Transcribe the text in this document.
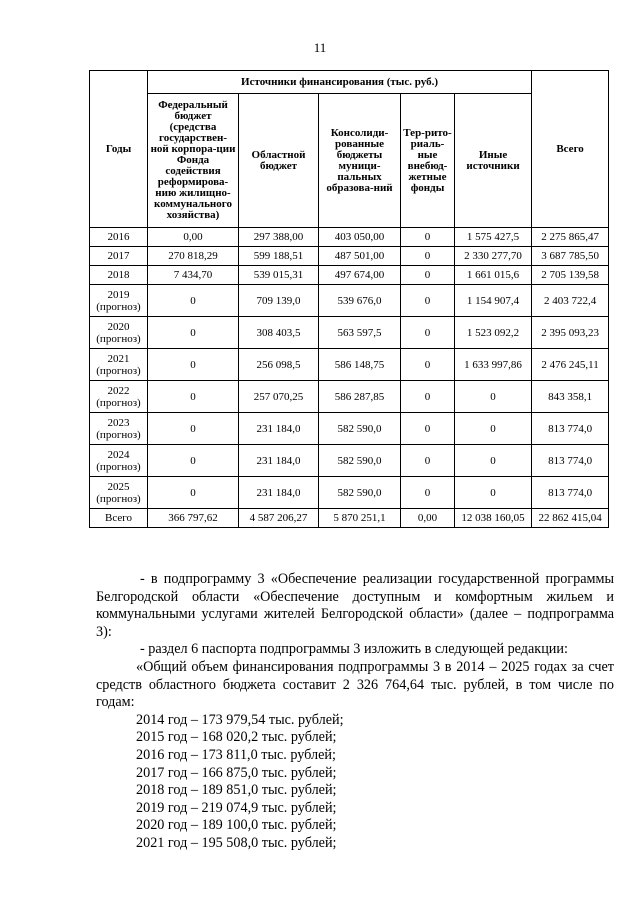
11
Годы	Источники финансирования (тыс. руб.)					Всего
	Федеральный бюджет (средства государствен-ной корпора-ции Фонда содействия реформирова-нию жилищно-коммунального хозяйства)	Областной бюджет	Консолиди-рованные бюджеты муници-пальных образова-ний	Тер-рито-риаль-ные внебюд-жетные фонды	Иные источники	
2016	0,00	297 388,00	403 050,00	0	1 575 427,5	2 275 865,47
2017	270 818,29	599 188,51	487 501,00	0	2 330 277,70	3 687 785,50
2018	7 434,70	539 015,31	497 674,00	0	1 661 015,6	2 705 139,58
2019 (прогноз)	0	709 139,0	539 676,0	0	1 154 907,4	2 403 722,4
2020 (прогноз)	0	308 403,5	563 597,5	0	1 523 092,2	2 395 093,23
2021 (прогноз)	0	256 098,5	586 148,75	0	1 633 997,86	2 476 245,11
2022 (прогноз)	0	257 070,25	586 287,85	0	0	843 358,1
2023 (прогноз)	0	231 184,0	582 590,0	0	0	813 774,0
2024 (прогноз)	0	231 184,0	582 590,0	0	0	813 774,0
2025 (прогноз)	0	231 184,0	582 590,0	0	0	813 774,0
Всего	366 797,62	4 587 206,27	5 870 251,1	0,00	12 038 160,05	22 862 415,04
- в подпрограмму 3 «Обеспечение реализации государственной программы Белгородской области «Обеспечение доступным и комфортным жильем и коммунальными услугами жителей Белгородской области» (далее – подпрограмма 3):
- раздел 6 паспорта подпрограммы 3 изложить в следующей редакции:
«Общий объем финансирования подпрограммы 3 в 2014 – 2025 годах за счет средств областного бюджета составит 2 326 764,64 тыс. рублей, в том числе по годам:
2014 год – 173 979,54 тыс. рублей;
2015 год – 168 020,2 тыс. рублей;
2016 год – 173 811,0 тыс. рублей;
2017 год – 166 875,0 тыс. рублей;
2018 год – 189 851,0 тыс. рублей;
2019 год – 219 074,9 тыс. рублей;
2020 год – 189 100,0 тыс. рублей;
2021 год – 195 508,0 тыс. рублей;
